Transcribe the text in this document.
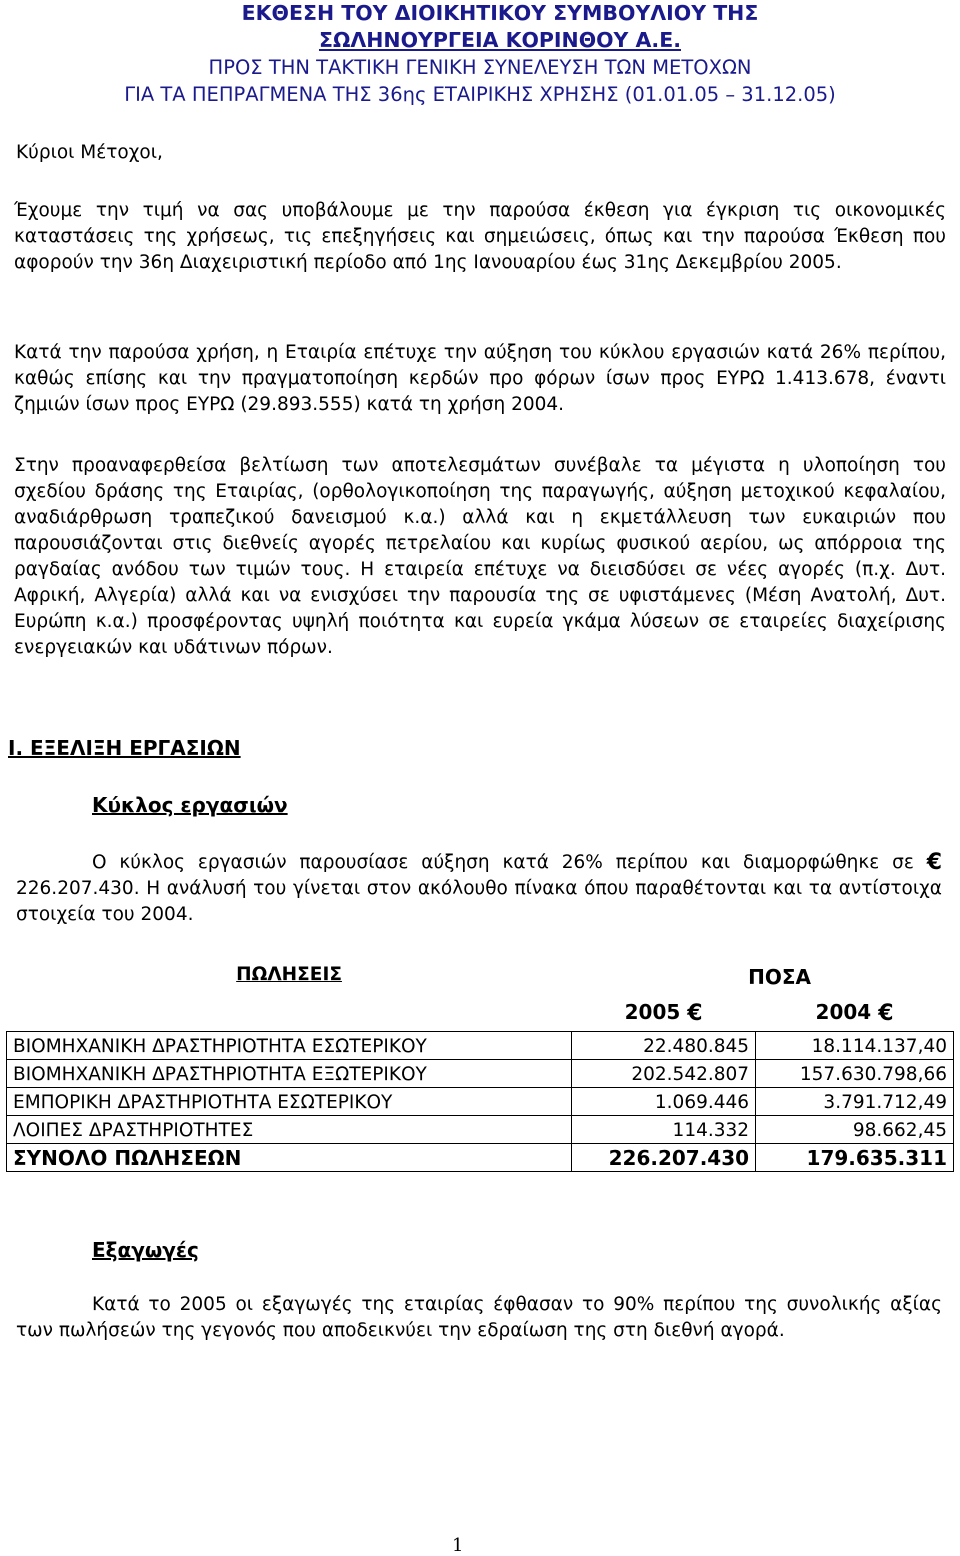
ΕΚΘΕΣΗ ΤΟΥ ΔΙΟΙΚΗΤΙΚΟΥ ΣΥΜΒΟΥΛΙΟΥ ΤΗΣ
ΣΩΛΗΝΟΥΡΓΕΙΑ ΚΟΡΙΝΘΟΥ Α.Ε.
ΠΡΟΣ ΤΗΝ ΤΑΚΤΙΚΗ ΓΕΝΙΚΗ ΣΥΝΕΛΕΥΣΗ ΤΩΝ ΜΕΤΟΧΩΝ
ΓΙΑ ΤΑ ΠΕΠΡΑΓΜΕΝΑ ΤΗΣ 36ης ΕΤΑΙΡΙΚΗΣ ΧΡΗΣΗΣ (01.01.05 – 31.12.05)
Κύριοι Μέτοχοι,

Έχουμε την τιμή να σας υποβάλουμε με την παρούσα έκθεση για έγκριση τις οικονομικές καταστάσεις της χρήσεως, τις επεξηγήσεις και σημειώσεις, όπως και την παρούσα Έκθεση που αφορούν την 36η Διαχειριστική περίοδο από 1ης Ιανουαρίου έως 31ης Δεκεμβρίου 2005.

Κατά την παρούσα χρήση, η Εταιρία επέτυχε την αύξηση του κύκλου εργασιών κατά 26% περίπου, καθώς επίσης και την πραγματοποίηση κερδών προ φόρων ίσων προς ΕΥΡΩ 1.413.678, έναντι ζημιών ίσων προς ΕΥΡΩ (29.893.555) κατά τη χρήση 2004.

Στην προαναφερθείσα βελτίωση των αποτελεσμάτων συνέβαλε τα μέγιστα η υλοποίηση του σχεδίου δράσης της Εταιρίας, (ορθολογικοποίηση της παραγωγής, αύξηση μετοχικού κεφαλαίου, αναδιάρθρωση τραπεζικού δανεισμού κ.α.) αλλά και η εκμετάλλευση των ευκαιριών που παρουσιάζονται στις διεθνείς αγορές πετρελαίου και κυρίως φυσικού αερίου, ως απόρροια της ραγδαίας ανόδου των τιμών τους. Η εταιρεία επέτυχε να διεισδύσει σε νέες αγορές (π.χ. Δυτ. Αφρική, Αλγερία) αλλά και να ενισχύσει την παρουσία της σε υφιστάμενες (Μέση Ανατολή, Δυτ. Ευρώπη κ.α.) προσφέροντας υψηλή ποιότητα και ευρεία γκάμα λύσεων σε εταιρείες διαχείρισης ενεργειακών και υδάτινων πόρων.

Ι. ΕΞΕΛΙΞΗ ΕΡΓΑΣΙΩΝ
Κύκλος εργασιών

Ο κύκλος εργασιών παρουσίασε αύξηση κατά 26% περίπου και διαμορφώθηκε σε € 226.207.430. Η ανάλυσή του γίνεται στον ακόλουθο πίνακα όπου παραθέτονται και τα αντίστοιχα στοιχεία του 2004.

ΠΩΛΗΣΕΙΣ	ΠΟΣΑ	
	2005 €	2004 €
ΒΙΟΜΗΧΑΝΙΚΗ ΔΡΑΣΤΗΡΙΟΤΗΤΑ ΕΣΩΤΕΡΙΚΟΥ	22.480.845	18.114.137,40
ΒΙΟΜΗΧΑΝΙΚΗ ΔΡΑΣΤΗΡΙΟΤΗΤΑ ΕΞΩΤΕΡΙΚΟΥ	202.542.807	157.630.798,66
ΕΜΠΟΡΙΚΗ ΔΡΑΣΤΗΡΙΟΤΗΤΑ ΕΣΩΤΕΡΙΚΟΥ	1.069.446	3.791.712,49
ΛΟΙΠΕΣ ΔΡΑΣΤΗΡΙΟΤΗΤΕΣ	114.332	98.662,45
ΣΥΝΟΛΟ ΠΩΛΗΣΕΩΝ	226.207.430	179.635.311
Εξαγωγές

Κατά το 2005 οι εξαγωγές της εταιρίας έφθασαν το 90% περίπου της συνολικής αξίας των πωλήσεών της γεγονός που αποδεικνύει την εδραίωση της στη διεθνή αγορά.

1
